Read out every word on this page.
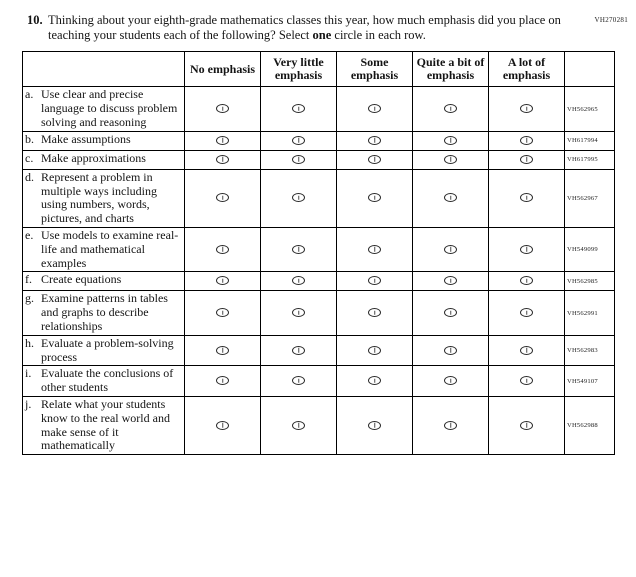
VH270281
10. Thinking about your eighth-grade mathematics classes this year, how much emphasis did you place on teaching your students each of the following? Select one circle in each row.
	No emphasis	Very little emphasis	Some emphasis	Quite a bit of emphasis	A lot of emphasis	

a. Use clear and precise language to discuss problem solving and reasoning						VH562965

b. Make assumptions						VH617994

c. Make approximations						VH617995

d. Represent a problem in multiple ways including using numbers, words, pictures, and charts						VH562967

e. Use models to examine real-life and mathematical examples						VH549099

f. Create equations						VH562985

g. Examine patterns in tables and graphs to describe relationships						VH562991

h. Evaluate a problem-solving process						VH562983

i. Evaluate the conclusions of other students						VH549107

j. Relate what your students know to the real world and make sense of it mathematically						VH562988
